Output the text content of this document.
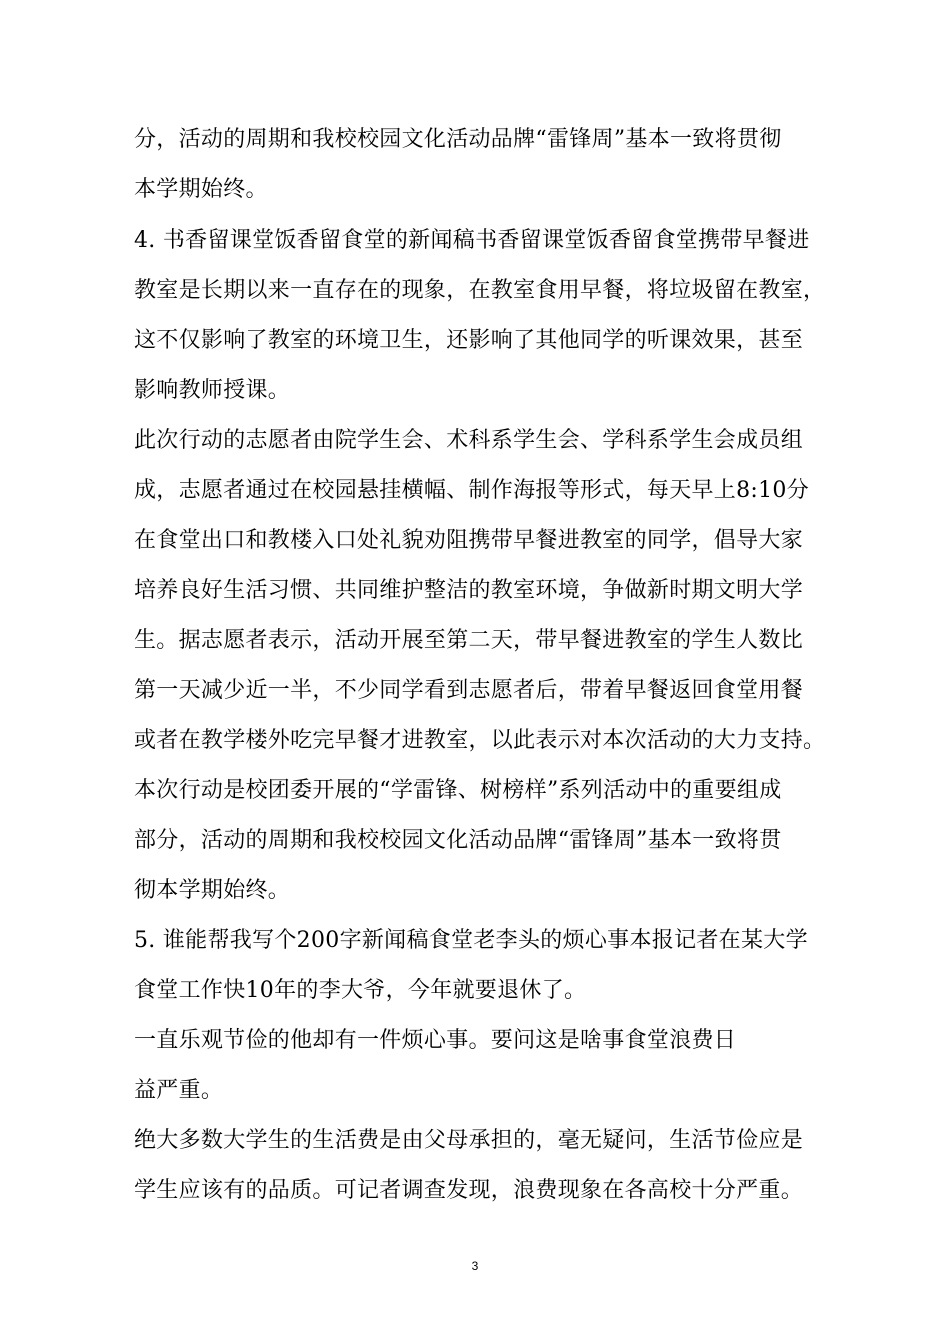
分，活动的周期和我校校园文化活动品牌“雷锋周”基本一致将贯彻
本学期始终。
4. 书香留课堂饭香留食堂的新闻稿书香留课堂饭香留食堂携带早餐进
教室是长期以来一直存在的现象，在教室食用早餐，将垃圾留在教室，
这不仅影响了教室的环境卫生，还影响了其他同学的听课效果，甚至
影响教师授课。
此次行动的志愿者由院学生会、术科系学生会、学科系学生会成员组
成，志愿者通过在校园悬挂横幅、制作海报等形式，每天早上8:10分
在食堂出口和教楼入口处礼貌劝阻携带早餐进教室的同学，倡导大家
培养良好生活习惯、共同维护整洁的教室环境，争做新时期文明大学
生。据志愿者表示，活动开展至第二天，带早餐进教室的学生人数比
第一天减少近一半，不少同学看到志愿者后，带着早餐返回食堂用餐
或者在教学楼外吃完早餐才进教室，以此表示对本次活动的大力支持。
本次行动是校团委开展的“学雷锋、树榜样”系列活动中的重要组成
部分，活动的周期和我校校园文化活动品牌“雷锋周”基本一致将贯
彻本学期始终。
5. 谁能帮我写个200字新闻稿食堂老李头的烦心事本报记者在某大学
食堂工作快10年的李大爷，今年就要退休了。
一直乐观节俭的他却有一件烦心事。要问这是啥事食堂浪费日
益严重。
绝大多数大学生的生活费是由父母承担的，毫无疑问，生活节俭应是
学生应该有的品质。可记者调查发现，浪费现象在各高校十分严重。
3
